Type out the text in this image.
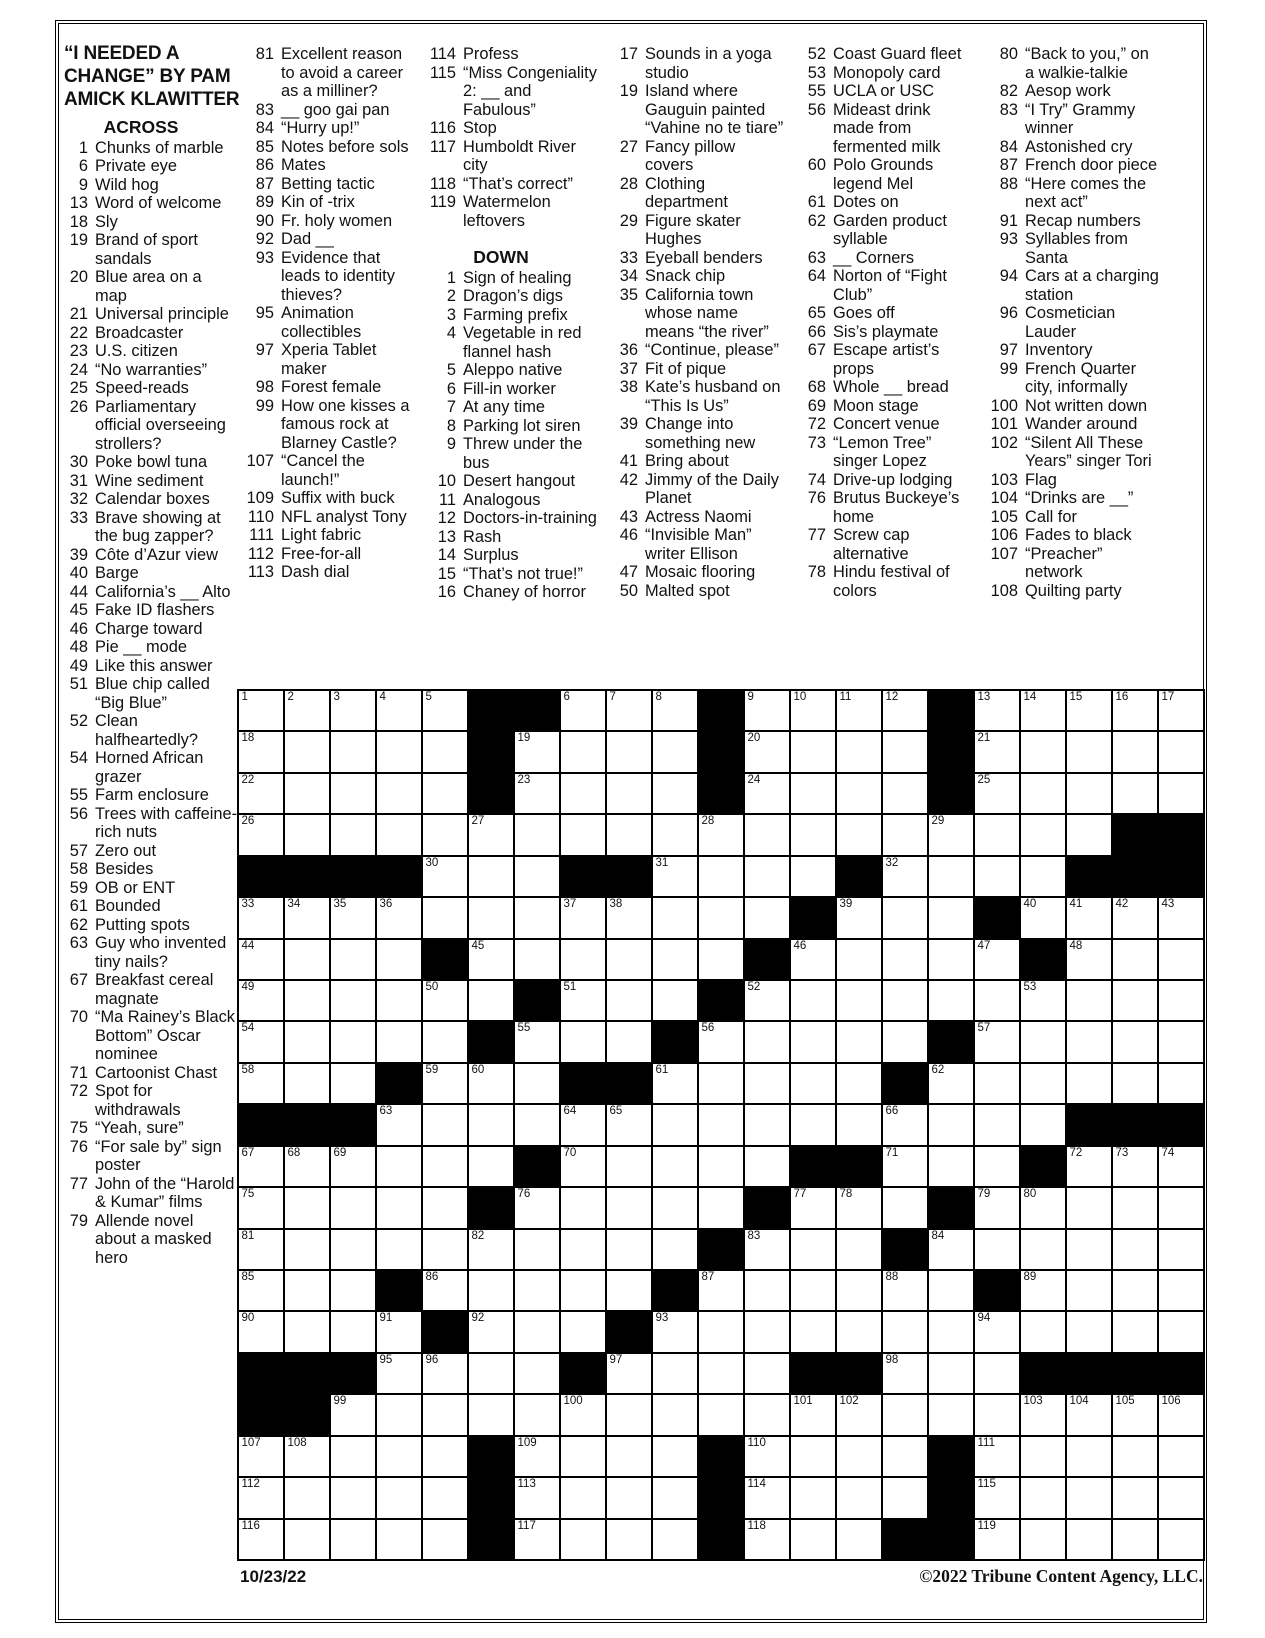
“I NEEDED A CHANGE” BY PAM AMICK KLAWITTER
ACROSS
1 Chunks of marble
6 Private eye
9 Wild hog
13 Word of welcome
18 Sly
19 Brand of sport sandals
20 Blue area on a map
21 Universal principle
22 Broadcaster
23 U.S. citizen
24 “No warranties”
25 Speed-reads
26 Parliamentary official overseeing strollers?
30 Poke bowl tuna
31 Wine sediment
32 Calendar boxes
33 Brave showing at the bug zapper?
39 Côte d’Azur view
40 Barge
44 California’s __ Alto
45 Fake ID flashers
46 Charge toward
48 Pie __ mode
49 Like this answer
51 Blue chip called “Big Blue”
52 Clean halfheartedly?
54 Horned African grazer
55 Farm enclosure
56 Trees with caffeine-rich nuts
57 Zero out
58 Besides
59 OB or ENT
61 Bounded
62 Putting spots
63 Guy who invented tiny nails?
67 Breakfast cereal magnate
70 “Ma Rainey’s Black Bottom” Oscar nominee
71 Cartoonist Chast
72 Spot for withdrawals
75 “Yeah, sure”
76 “For sale by” sign poster
77 John of the “Harold & Kumar” films
79 Allende novel about a masked hero
81 Excellent reason to avoid a career as a milliner?
83 __ goo gai pan
84 “Hurry up!”
85 Notes before sols
86 Mates
87 Betting tactic
89 Kin of -trix
90 Fr. holy women
92 Dad __
93 Evidence that leads to identity thieves?
95 Animation collectibles
97 Xperia Tablet maker
98 Forest female
99 How one kisses a famous rock at Blarney Castle?
107 “Cancel the launch!”
109 Suffix with buck
110 NFL analyst Tony
111 Light fabric
112 Free-for-all
113 Dash dial
114 Profess
115 “Miss Congeniality 2: __ and Fabulous”
116 Stop
117 Humboldt River city
118 “That’s correct”
119 Watermelon leftovers
DOWN
1 Sign of healing
2 Dragon’s digs
3 Farming prefix
4 Vegetable in red flannel hash
5 Aleppo native
6 Fill-in worker
7 At any time
8 Parking lot siren
9 Threw under the bus
10 Desert hangout
11 Analogous
12 Doctors-in-training
13 Rash
14 Surplus
15 “That’s not true!”
16 Chaney of horror
17 Sounds in a yoga studio
19 Island where Gauguin painted “Vahine no te tiare”
27 Fancy pillow covers
28 Clothing department
29 Figure skater Hughes
33 Eyeball benders
34 Snack chip
35 California town whose name means “the river”
36 “Continue, please”
37 Fit of pique
38 Kate’s husband on “This Is Us”
39 Change into something new
41 Bring about
42 Jimmy of the Daily Planet
43 Actress Naomi
46 “Invisible Man” writer Ellison
47 Mosaic flooring
50 Malted spot
52 Coast Guard fleet
53 Monopoly card
55 UCLA or USC
56 Mideast drink made from fermented milk
60 Polo Grounds legend Mel
61 Dotes on
62 Garden product syllable
63 __ Corners
64 Norton of “Fight Club”
65 Goes off
66 Sis’s playmate
67 Escape artist’s props
68 Whole __ bread
69 Moon stage
72 Concert venue
73 “Lemon Tree” singer Lopez
74 Drive-up lodging
76 Brutus Buckeye’s home
77 Screw cap alternative
78 Hindu festival of colors
80 “Back to you,” on a walkie-talkie
82 Aesop work
83 “I Try” Grammy winner
84 Astonished cry
87 French door piece
88 “Here comes the next act”
91 Recap numbers
93 Syllables from Santa
94 Cars at a charging station
96 Cosmetician Lauder
97 Inventory
99 French Quarter city, informally
100 Not written down
101 Wander around
102 “Silent All These Years” singer Tori
103 Flag
104 “Drinks are __”
105 Call for
106 Fades to black
107 “Preacher” network
108 Quilting party
1	2	3	4	5	6	7	8	9	10	11	12	13	14	15	16	17
18	19	20	21
22	23	24	25
26	27	28	29
30	31	32
33	34	35	36	37	38	39	40	41	42	43
44	45	46	47	48
49	50	51	52	53
54	55	56	57
58	59	60	61	62
63	64	65	66
67	68	69	70	71	72	73	74
75	76	77	78	79	80
81	82	83	84
85	86	87	88	89
90	91	92	93	94
95	96	97	98
99	100	101 102	103 104 105 106
107 108	109	110	111
112	113	114	115
116	117	118	119
10/23/22	©2022 Tribune Content Agency, LLC.
